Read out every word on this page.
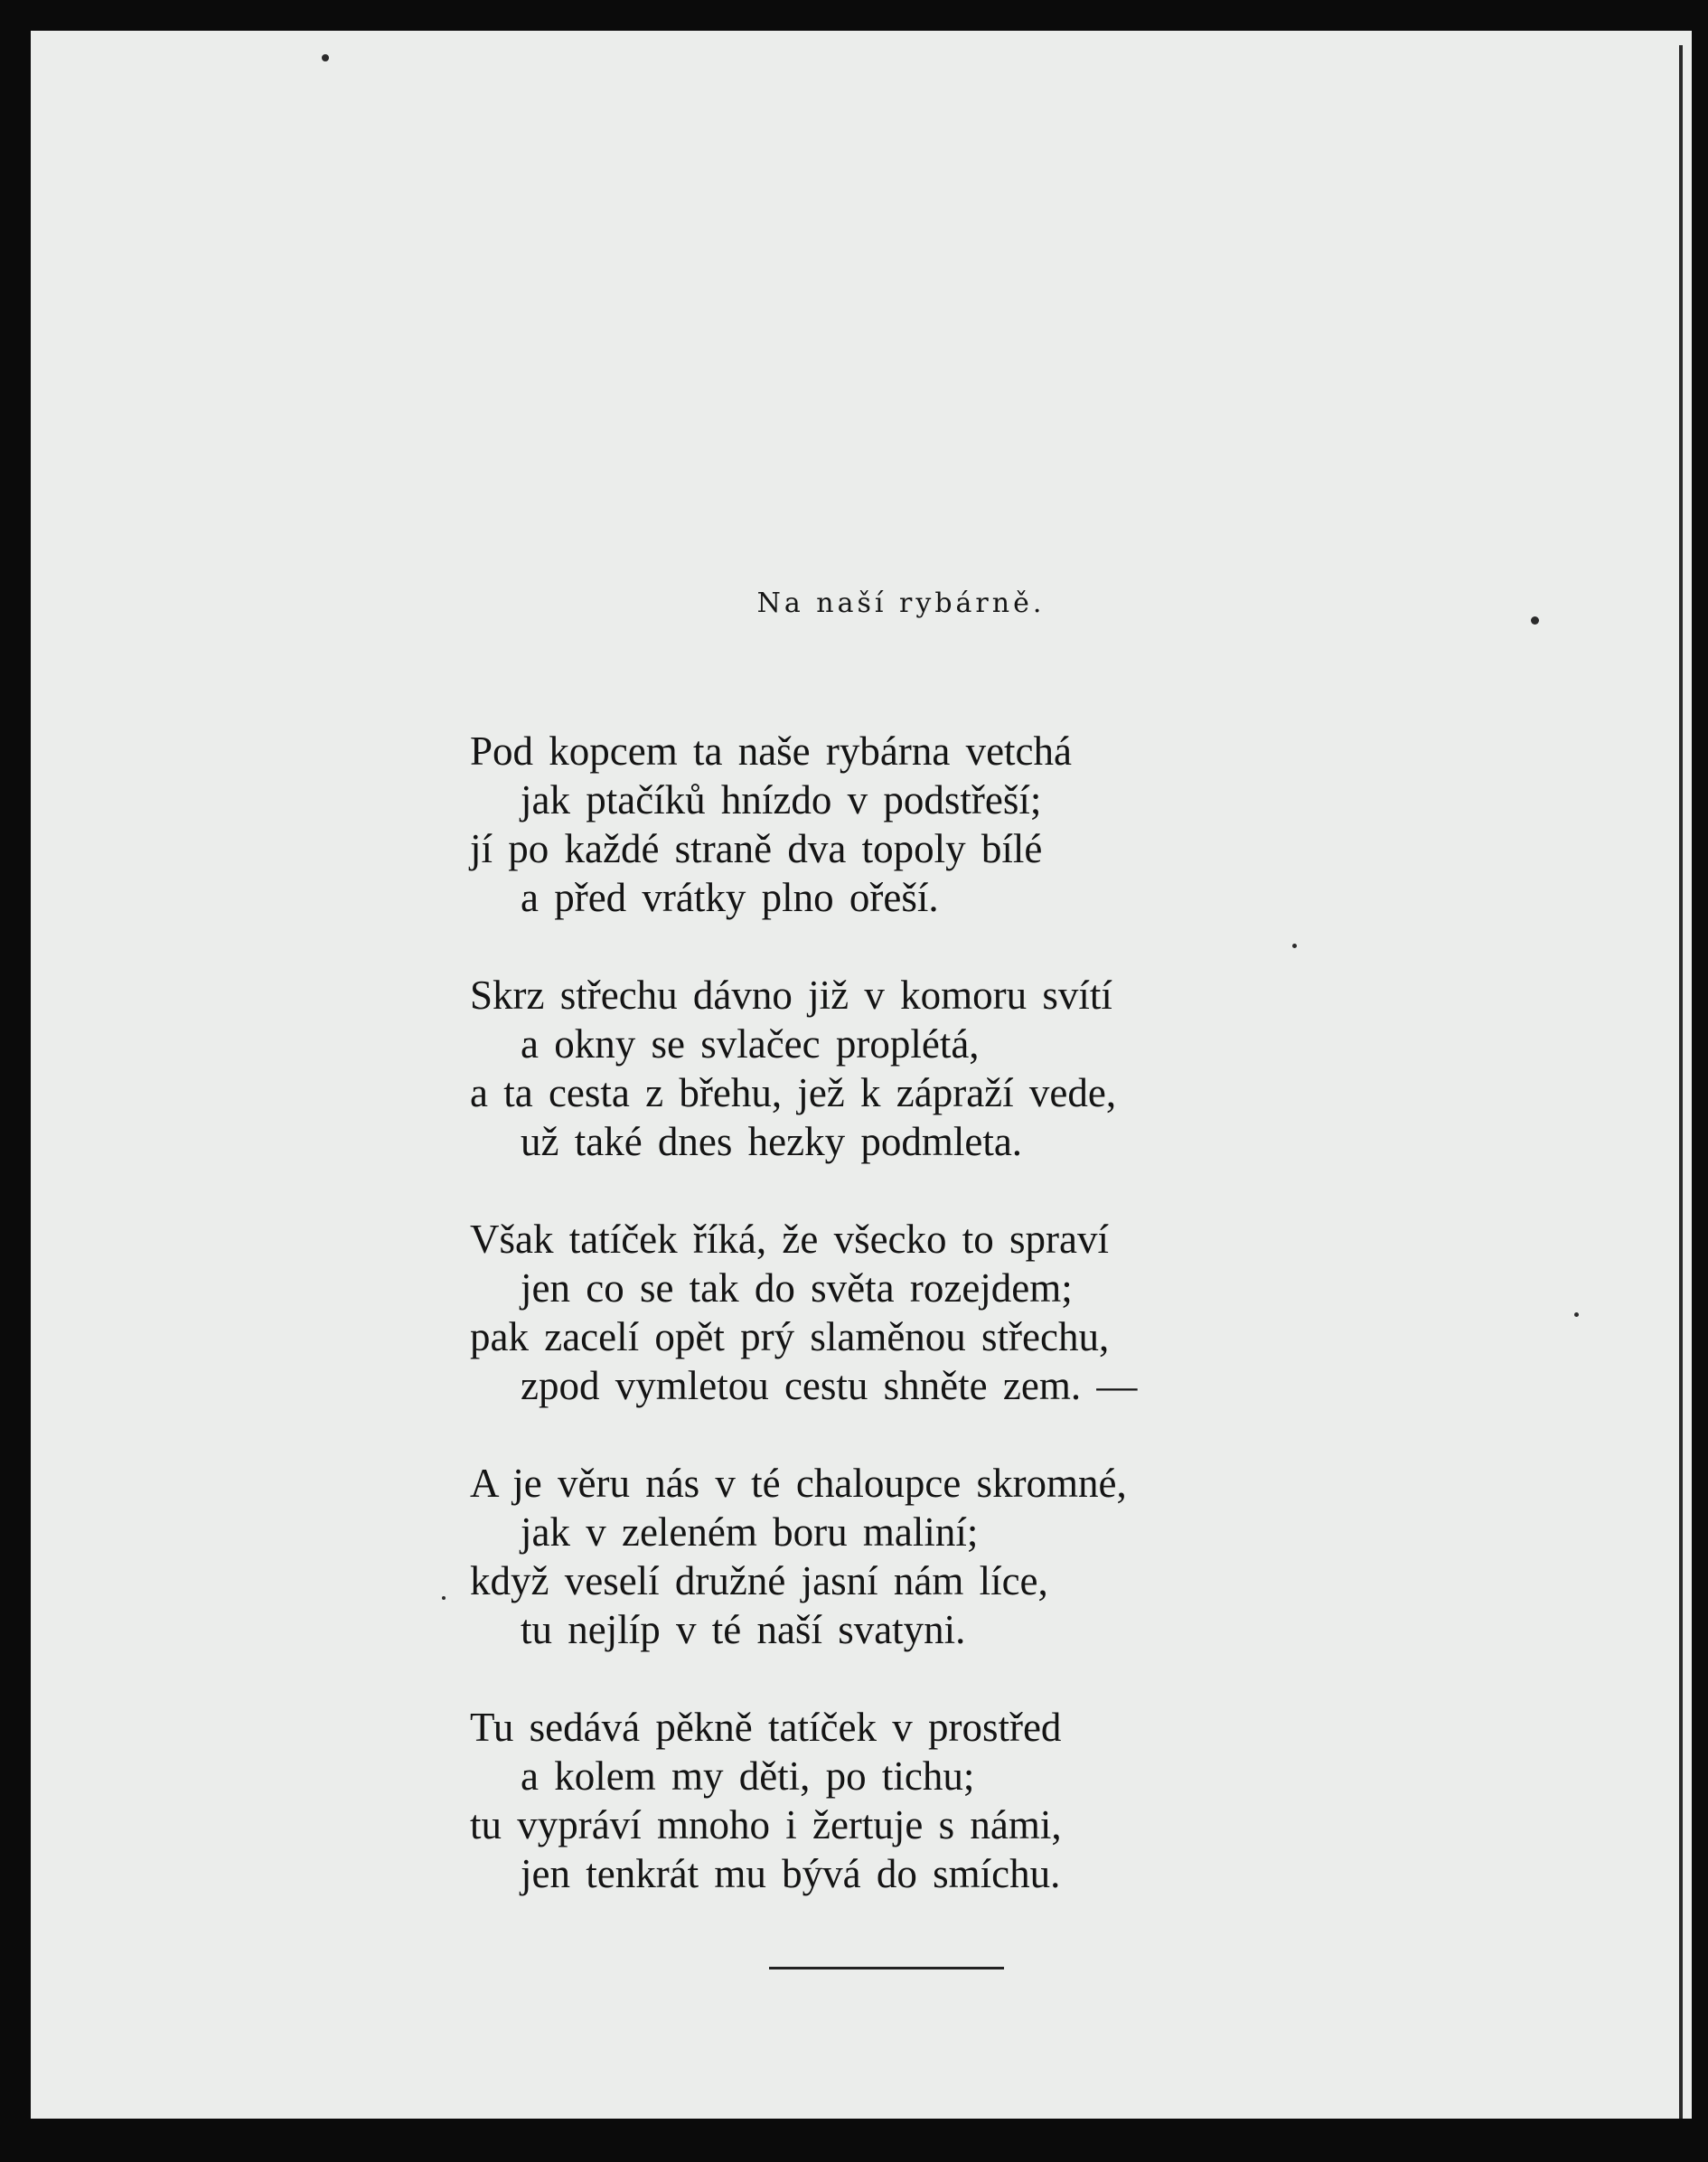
Na naší rybárně.
Pod kopcem ta naše rybárna vetchá
jak ptačíků hnízdo v podstřeší;
jí po každé straně dva topoly bílé
a před vrátky plno ořeší.
Skrz střechu dávno již v komoru svítí
a okny se svlačec proplétá,
a ta cesta z břehu, jež k zápraží vede,
už také dnes hezky podmleta.
Však tatíček říká, že všecko to spraví
jen co se tak do světa rozejdem;
pak zacelí opět prý slaměnou střechu,
zpod vymletou cestu shněte zem. —
A je věru nás v té chaloupce skromné,
jak v zeleném boru maliní;
když veselí družné jasní nám líce,
tu nejlíp v té naší svatyni.
Tu sedává pěkně tatíček v prostřed
a kolem my děti, po tichu;
tu vypráví mnoho i žertuje s námi,
jen tenkrát mu bývá do smíchu.
